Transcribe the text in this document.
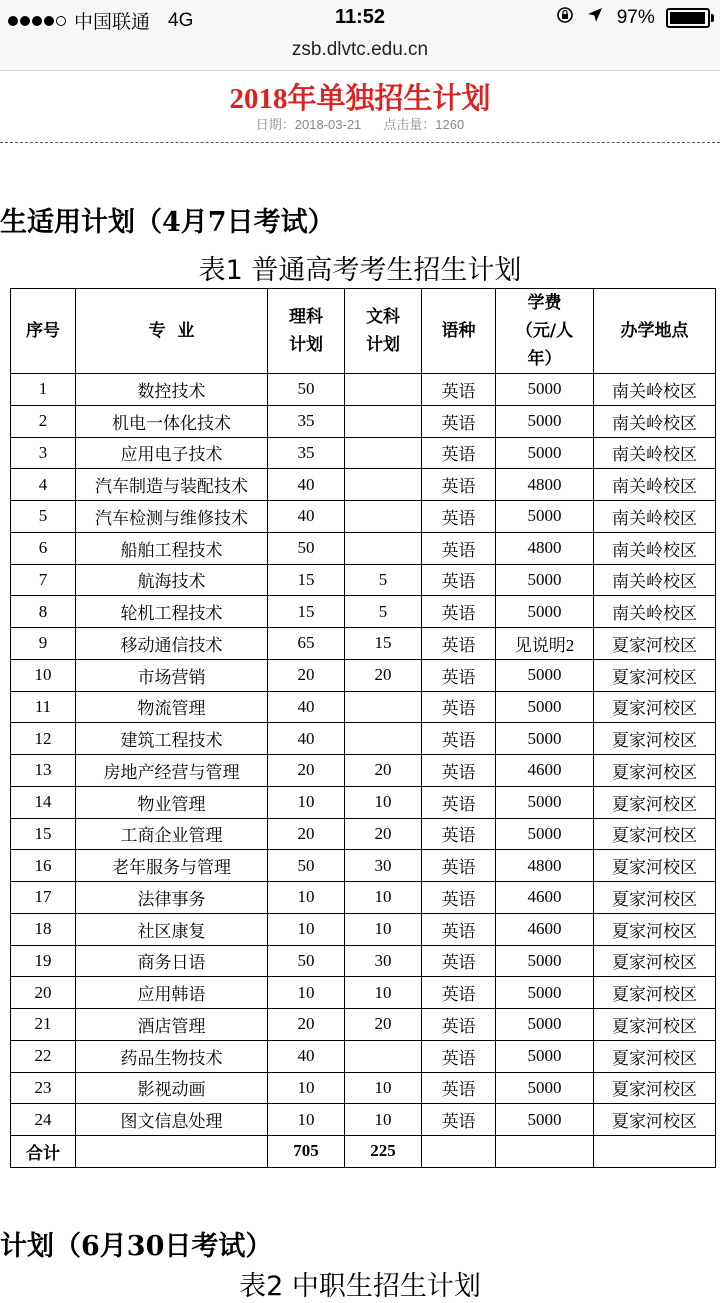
中国联通 4G	11:52	97%
zsb.dlvtc.edu.cn
2018年单独招生计划
日期：2018-03-21 点击量：1260
生适用计划（4月7日考试）
表1 普通高考考生招生计划
序号	专  业	理科计划	文科计划	语种	学费（元/人年）	办学地点
1	数控技术	50		英语	5000	南关岭校区
2	机电一体化技术	35		英语	5000	南关岭校区
3	应用电子技术	35		英语	5000	南关岭校区
4	汽车制造与装配技术	40		英语	4800	南关岭校区
5	汽车检测与维修技术	40		英语	5000	南关岭校区
6	船舶工程技术	50		英语	4800	南关岭校区
7	航海技术	15	5	英语	5000	南关岭校区
8	轮机工程技术	15	5	英语	5000	南关岭校区
9	移动通信技术	65	15	英语	见说明2	夏家河校区
10	市场营销	20	20	英语	5000	夏家河校区
11	物流管理	40		英语	5000	夏家河校区
12	建筑工程技术	40		英语	5000	夏家河校区
13	房地产经营与管理	20	20	英语	4600	夏家河校区
14	物业管理	10	10	英语	5000	夏家河校区
15	工商企业管理	20	20	英语	5000	夏家河校区
16	老年服务与管理	50	30	英语	4800	夏家河校区
17	法律事务	10	10	英语	4600	夏家河校区
18	社区康复	10	10	英语	4600	夏家河校区
19	商务日语	50	30	英语	5000	夏家河校区
20	应用韩语	10	10	英语	5000	夏家河校区
21	酒店管理	20	20	英语	5000	夏家河校区
22	药品生物技术	40		英语	5000	夏家河校区
23	影视动画	10	10	英语	5000	夏家河校区
24	图文信息处理	10	10	英语	5000	夏家河校区
合计		705	225			
计划（6月30日考试）
表2 中职生招生计划
